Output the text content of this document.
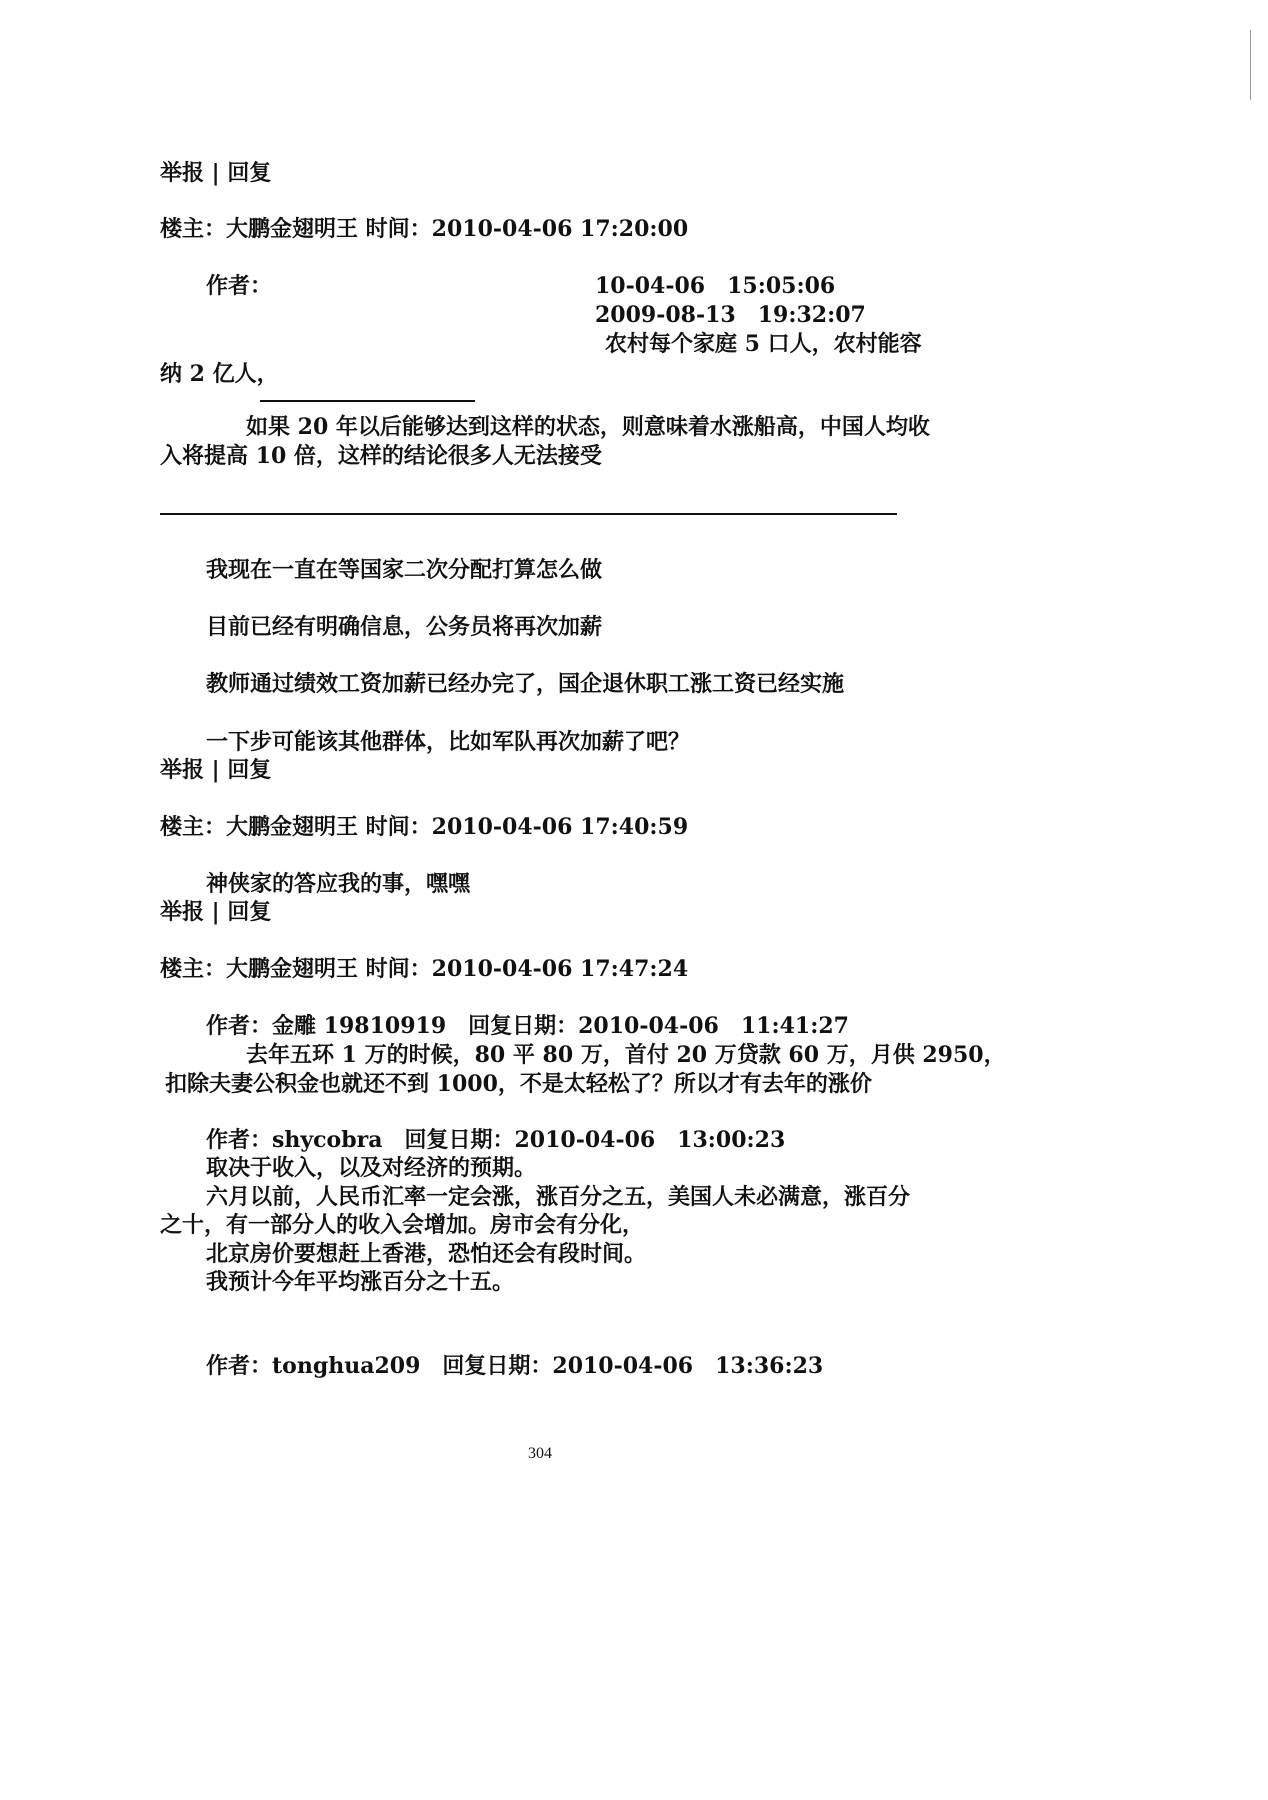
举报 | 回复
楼主：大鹏金翅明王 时间：2010-04-06 17:20:00
作者：	10-04-06　15:05:06
2009-08-13　19:32:07
农村每个家庭 5 口人，农村能容
纳 2 亿人，
如果 20 年以后能够达到这样的状态，则意味着水涨船高，中国人均收
入将提高 10 倍，这样的结论很多人无法接受
我现在一直在等国家二次分配打算怎么做
目前已经有明确信息，公务员将再次加薪
教师通过绩效工资加薪已经办完了，国企退休职工涨工资已经实施
一下步可能该其他群体，比如军队再次加薪了吧？
举报 | 回复
楼主：大鹏金翅明王 时间：2010-04-06 17:40:59
神侠家的答应我的事，嘿嘿
举报 | 回复
楼主：大鹏金翅明王 时间：2010-04-06 17:47:24
作者：金雕 19810919　回复日期：2010-04-06　11:41:27
去年五环 1 万的时候，80 平 80 万，首付 20 万贷款 60 万，月供 2950，
扣除夫妻公积金也就还不到 1000，不是太轻松了？所以才有去年的涨价
作者：shycobra　回复日期：2010-04-06　13:00:23
取决于收入，以及对经济的预期。
六月以前，人民币汇率一定会涨，涨百分之五，美国人未必满意，涨百分
之十，有一部分人的收入会增加。房市会有分化，
北京房价要想赶上香港，恐怕还会有段时间。
我预计今年平均涨百分之十五。
作者：tonghua209　回复日期：2010-04-06　13:36:23
304
